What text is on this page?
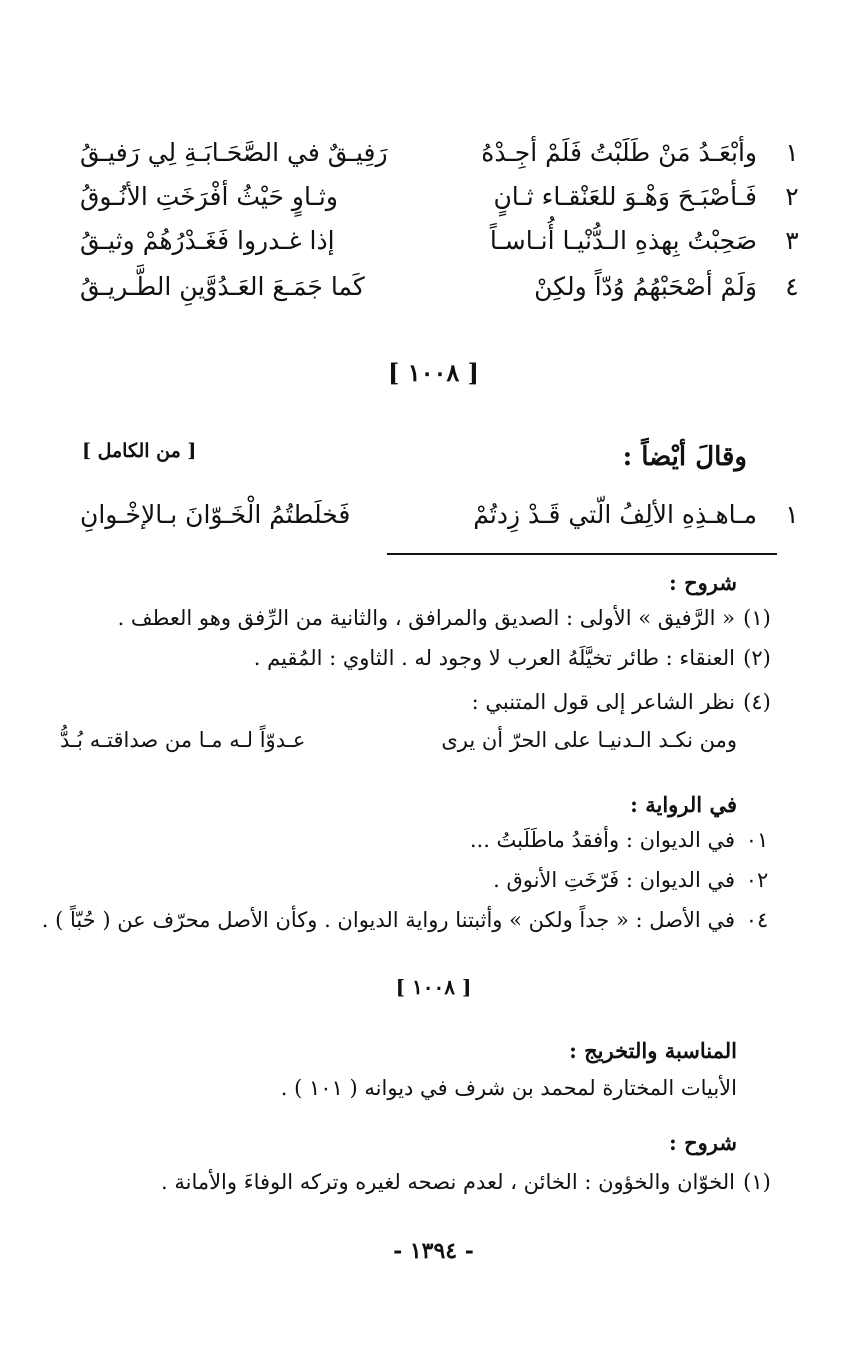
١
وأبْعَـدُ مَنْ طَلَبْتُ فَلَمْ أجِـدْهُ
رَفِيـقٌ في الصَّحَـابَـةِ لِي رَفيـقُ
٢
فَـأصْبَـحَ وَهْـوَ للعَنْقـاء ثـانٍ
وثـاوٍ حَيْثُ أفْرَخَتِ الأنُـوقُ
٣
صَحِبْتُ بِهذهِ الـدُّنْيـا أُنـاسـاً
إذا غـدروا فَغَـدْرُهُمْ وثيـقُ
٤
وَلَمْ أصْحَبْهُمُ وُدّاً ولكِنْ
كَما جَمَـعَ العَـدُوَّينِ الطَّـريـقُ
[ ١٠٠٨ ]
وقالَ أيْضاً :
[ من الكامل ]
١
مـاهـذِهِ الألِفُ الّتي قَـدْ زِدتُمْ
فَخلَطتُمُ الْخَـوّانَ بـالإخْـوانِ
شروح :
(١)
« الرَّفيق » الأولى : الصديق والمرافق ، والثانية من الرِّفق وهو العطف .
(٢)
العنقاء : طائر تخيَّلَهُ العرب لا وجود له . الثاوي : المُقيم .
(٤)
نظر الشاعر إلى قول المتنبي :
ومن نكـد الـدنيـا على الحرّ أن يرى
عـدوّاً لـه مـا من صداقتـه بُـدُّ
في الرواية :
٠١
في الديوان : وأفقدُ ماطَلَبتُ ...
٠٢
في الديوان : فَرّخَتِ الأنوق .
٠٤
في الأصل : « جداً ولكن » وأثبتنا رواية الديوان . وكأن الأصل محرّف عن ( حُبّاً ) .
[ ١٠٠٨ ]
المناسبة والتخريج :
الأبيات المختارة لمحمد بن شرف في ديوانه ( ١٠١ ) .
شروح :
(١)
الخوّان والخؤون : الخائن ، لعدم نصحه لغيره وتركه الوفاءَ والأمانة .
- ١٣٩٤ -
